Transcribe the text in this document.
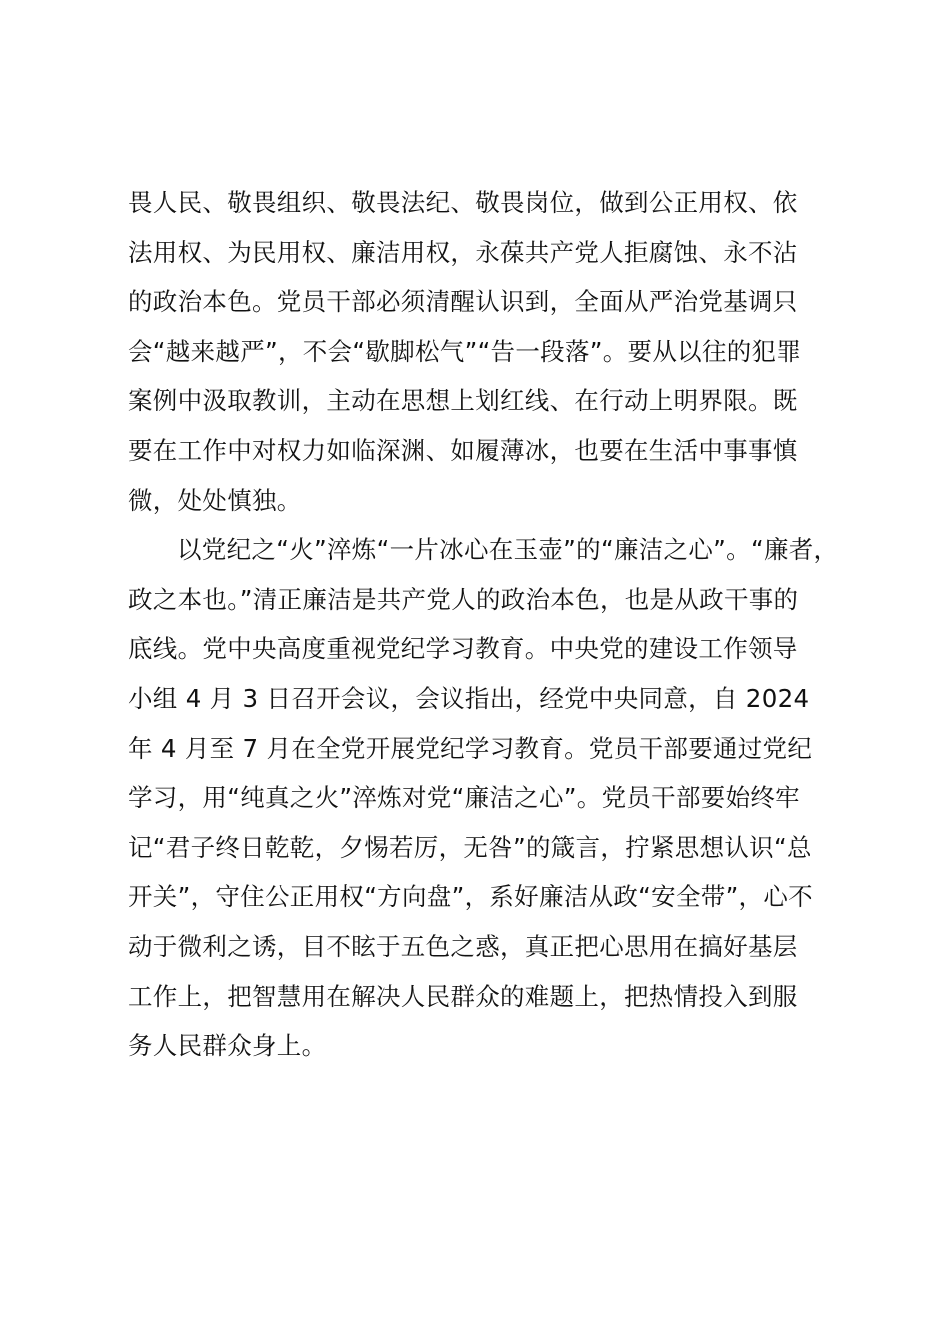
畏人民、敬畏组织、敬畏法纪、敬畏岗位，做到公正用权、依
法用权、为民用权、廉洁用权，永葆共产党人拒腐蚀、永不沾
的政治本色。党员干部必须清醒认识到，全面从严治党基调只
会“越来越严”，不会“歇脚松气”“告一段落”。要从以往的犯罪
案例中汲取教训，主动在思想上划红线、在行动上明界限。既
要在工作中对权力如临深渊、如履薄冰，也要在生活中事事慎
微，处处慎独。
以党纪之“火”淬炼“一片冰心在玉壶”的“廉洁之心”。“廉者，
政之本也。”清正廉洁是共产党人的政治本色，也是从政干事的
底线。党中央高度重视党纪学习教育。中央党的建设工作领导
小组 4 月 3 日召开会议，会议指出，经党中央同意，自 2024
年 4 月至 7 月在全党开展党纪学习教育。党员干部要通过党纪
学习，用“纯真之火”淬炼对党“廉洁之心”。党员干部要始终牢
记“君子终日乾乾，夕惕若厉，无咎”的箴言，拧紧思想认识“总
开关”，守住公正用权“方向盘”，系好廉洁从政“安全带”，心不
动于微利之诱，目不眩于五色之惑，真正把心思用在搞好基层
工作上，把智慧用在解决人民群众的难题上，把热情投入到服
务人民群众身上。
